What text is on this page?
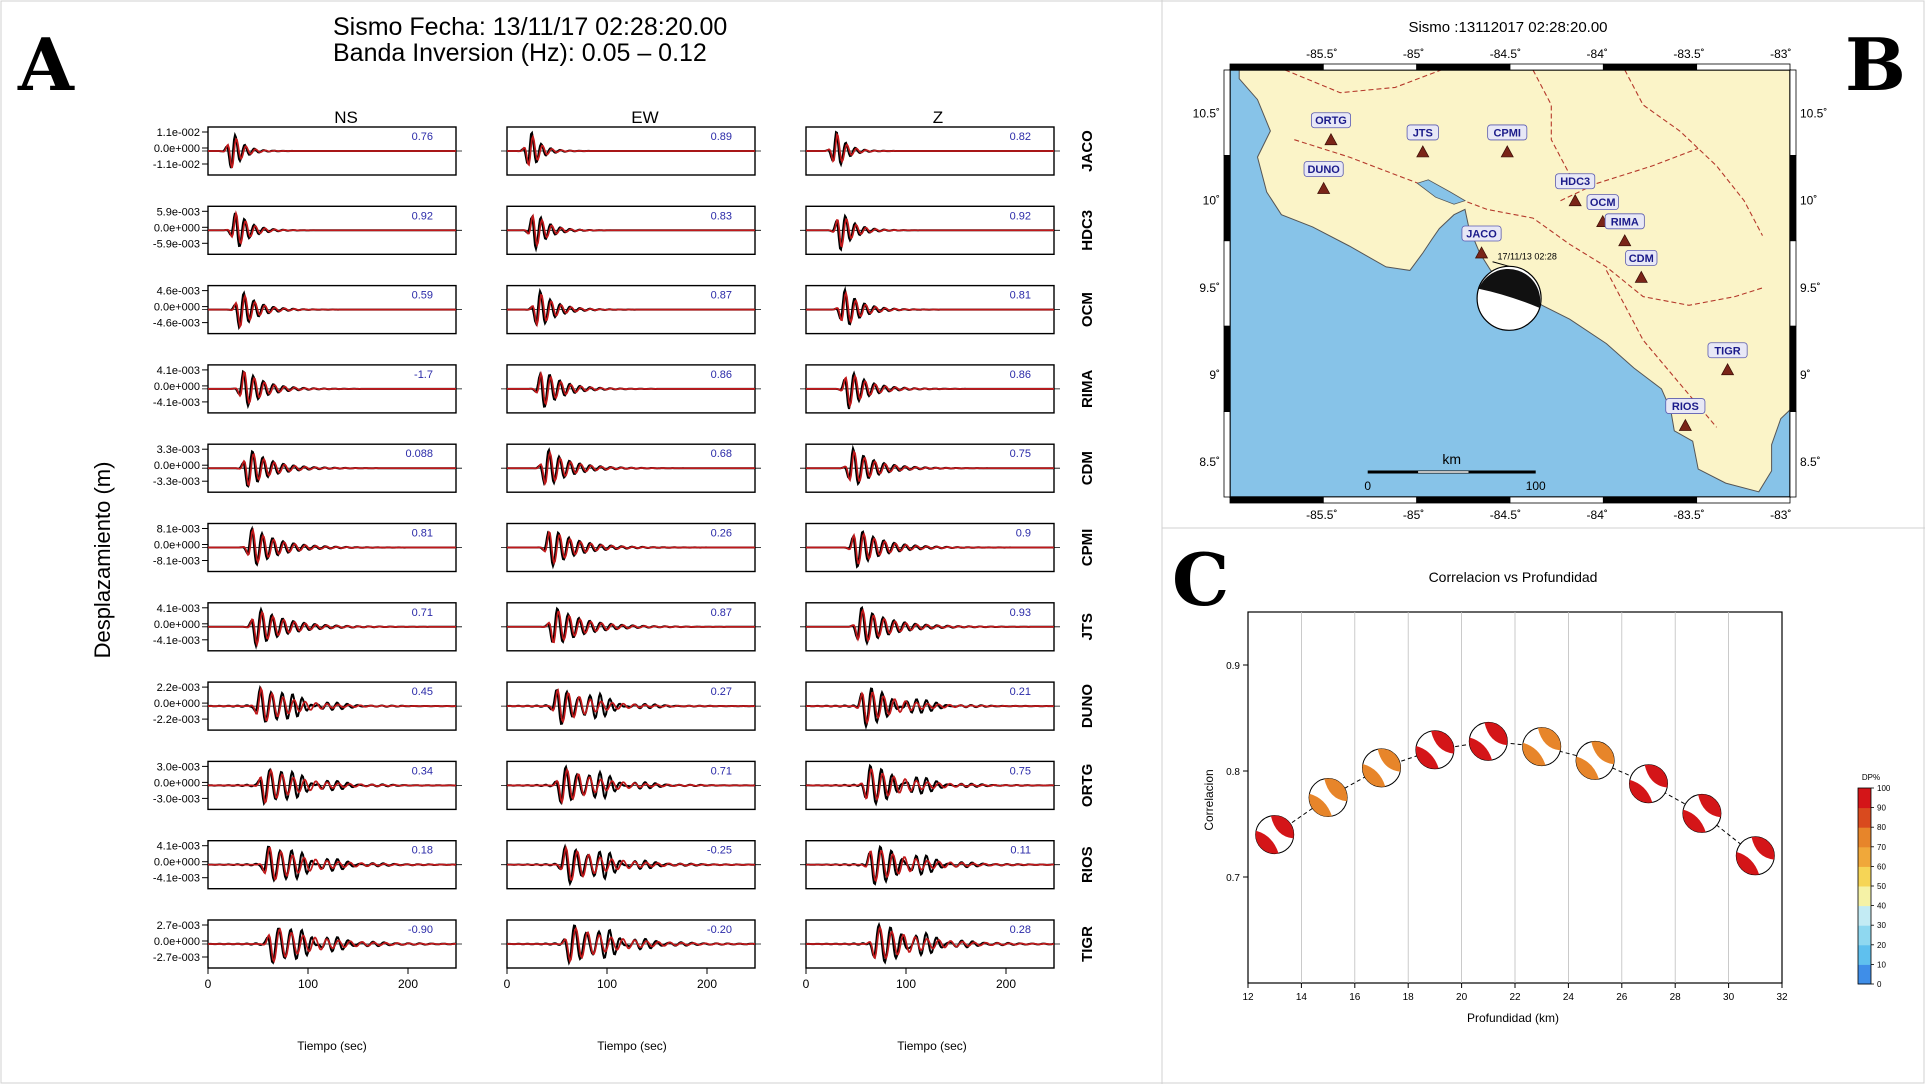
A	B
C
Sismo Fecha: 13/11/17 02:28:20.00
Banda Inversion (Hz): 0.05 – 0.12
NS	EW	Z
Desplazamiento (m)
1.1e-002
0.0e+000
-1.1e-002	JACO
0.76	0.89	0.82
5.9e-003
0.0e+000
-5.9e-003	HDC3
0.92	0.83	0.92
4.6e-003
0.0e+000
-4.6e-003	OCM
0.59	0.87	0.81
4.1e-003
0.0e+000
-4.1e-003	RIMA
-1.7	0.86	0.86
3.3e-003
0.0e+000
-3.3e-003	CDM
0.088	0.68	0.75
8.1e-003
0.0e+000
-8.1e-003	CPMI
0.81	0.26	0.9
4.1e-003
0.0e+000
-4.1e-003
JTS
0.71	0.87	0.93
2.2e-003
0.0e+000
-2.2e-003	DUNO
0.45	0.27	0.21
3.0e-003
0.0e+000
-3.0e-003	ORTG
0.34	0.71	0.75
4.1e-003
0.0e+000
-4.1e-003	RIOS
0.18	-0.25	0.11
2.7e-003
0.0e+000
-2.7e-003	TIGR
-0.90	-0.20	0.28
0	100	200	0	100	200	0	100	200
Tiempo (sec)	Tiempo (sec)	Tiempo (sec)
Sismo :13112017 02:28:20.00
-85.5˚
-85.5˚
-85˚
-85˚
-84.5˚
-84.5˚
-84˚
-84˚
-83.5˚
-83.5˚
-83˚
-83˚
10.5˚	10.5˚
10˚	10˚
9.5˚	9.5˚
9˚	9˚
8.5˚	8.5˚
ORTG
JTS	CPMI
DUNO
HDC3
OCM
RIMA
CDM
JACO
TIGR
RIOS
17/11/13 02:28
km
0	100
Correlacion vs Profundidad
Profundidad (km)
Correlacion
12	14	16	18	20	22	24	26	28	30	32
0.7
0.8
0.9
DP%
0
10
20
30
40
50
60
70
80
90
100
